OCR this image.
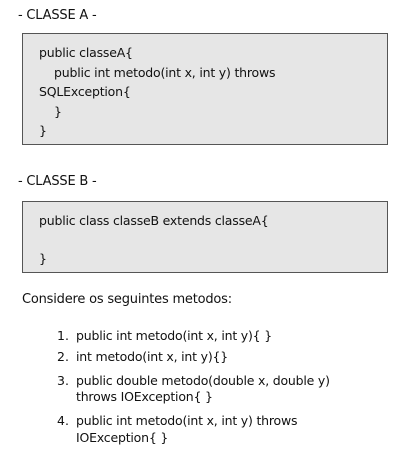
- CLASSE A -
public classeA{
public int metodo(int x, int y) throws
SQLException{
}
}
- CLASSE B -
public class classeB extends classeA{
}
Considere os seguintes metodos:
1. public int metodo(int x, int y){ }
2. int metodo(int x, int y){}
3. public double metodo(double x, double y)
throws IOException{ }
4. public int metodo(int x, int y) throws
IOException{ }
